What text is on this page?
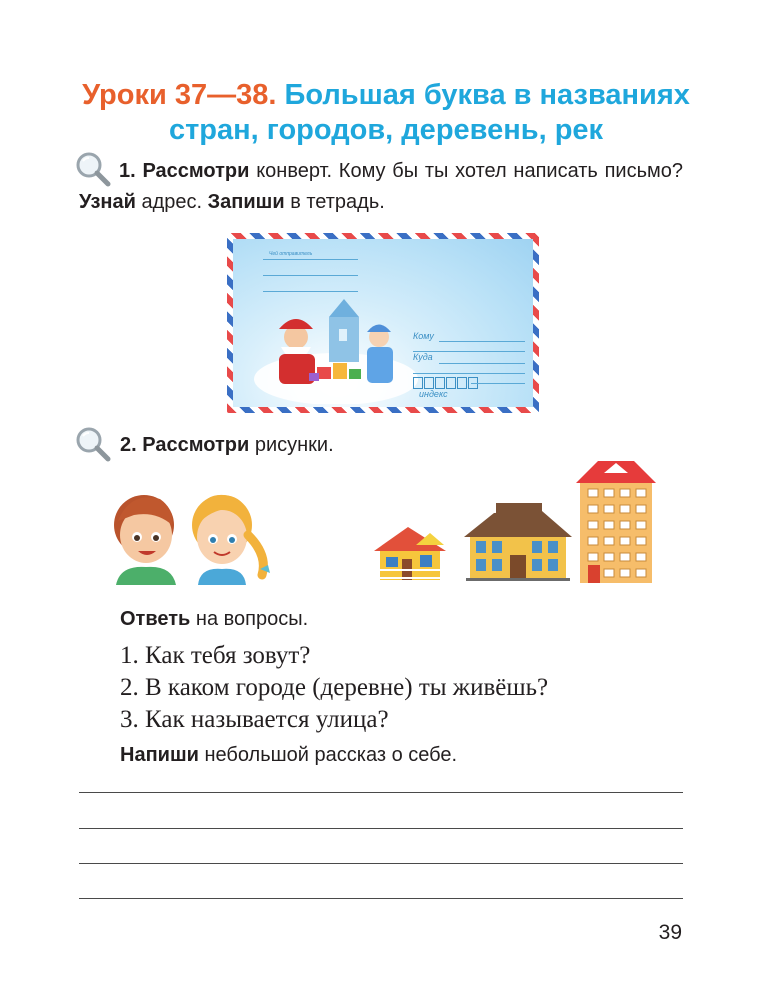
Уроки 37—38. Большая буква в названиях
стран, городов, деревень, рек
1. Рассмотри конверт. Кому бы ты хотел написать письмо? Узнай адрес. Запиши в тетрадь.
Чей отправитель
Кому
Куда
индекс
2. Рассмотри рисунки.
Ответь на вопросы.
1. Как тебя зовут?
2. В каком городе (деревне) ты живёшь?
3. Как называется улица?
Напиши небольшой рассказ о себе.
39
